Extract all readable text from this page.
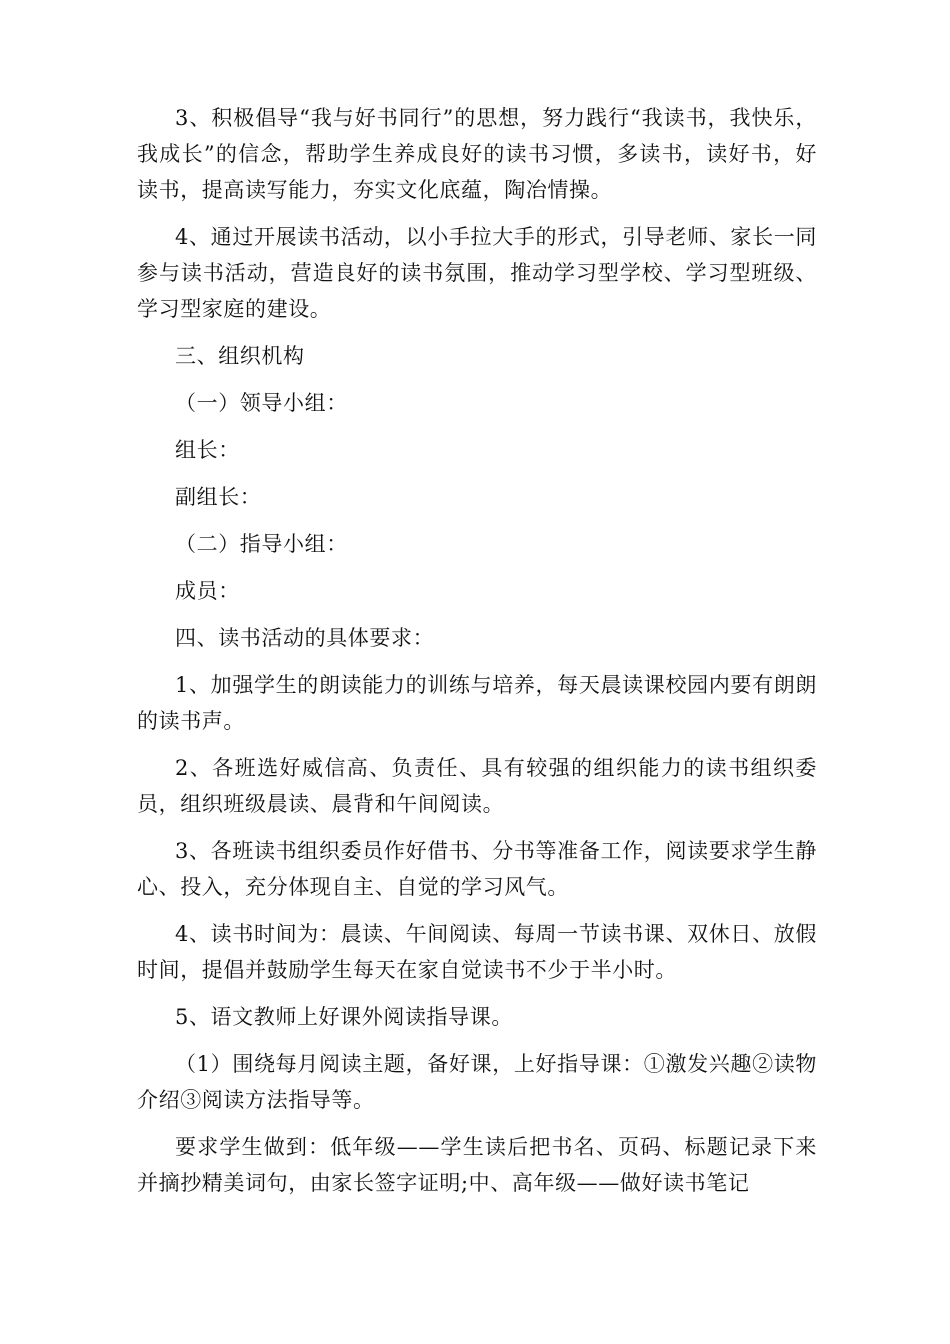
3、积极倡导“我与好书同行”的思想，努力践行“我读书，我快乐，我成长”的信念，帮助学生养成良好的读书习惯，多读书，读好书，好读书，提高读写能力，夯实文化底蕴，陶冶情操。

4、通过开展读书活动，以小手拉大手的形式，引导老师、家长一同参与读书活动，营造良好的读书氛围，推动学习型学校、学习型班级、学习型家庭的建设。

三、组织机构

（一）领导小组：

组长：

副组长：

（二）指导小组：

成员：

四、读书活动的具体要求：

1、加强学生的朗读能力的训练与培养，每天晨读课校园内要有朗朗的读书声。

2、各班选好威信高、负责任、具有较强的组织能力的读书组织委员，组织班级晨读、晨背和午间阅读。

3、各班读书组织委员作好借书、分书等准备工作，阅读要求学生静心、投入，充分体现自主、自觉的学习风气。

4、读书时间为：晨读、午间阅读、每周一节读书课、双休日、放假时间，提倡并鼓励学生每天在家自觉读书不少于半小时。

5、语文教师上好课外阅读指导课。

（1）围绕每月阅读主题，备好课，上好指导课：①激发兴趣②读物介绍③阅读方法指导等。

要求学生做到：低年级——学生读后把书名、页码、标题记录下来并摘抄精美词句，由家长签字证明;中、高年级——做好读书笔记
